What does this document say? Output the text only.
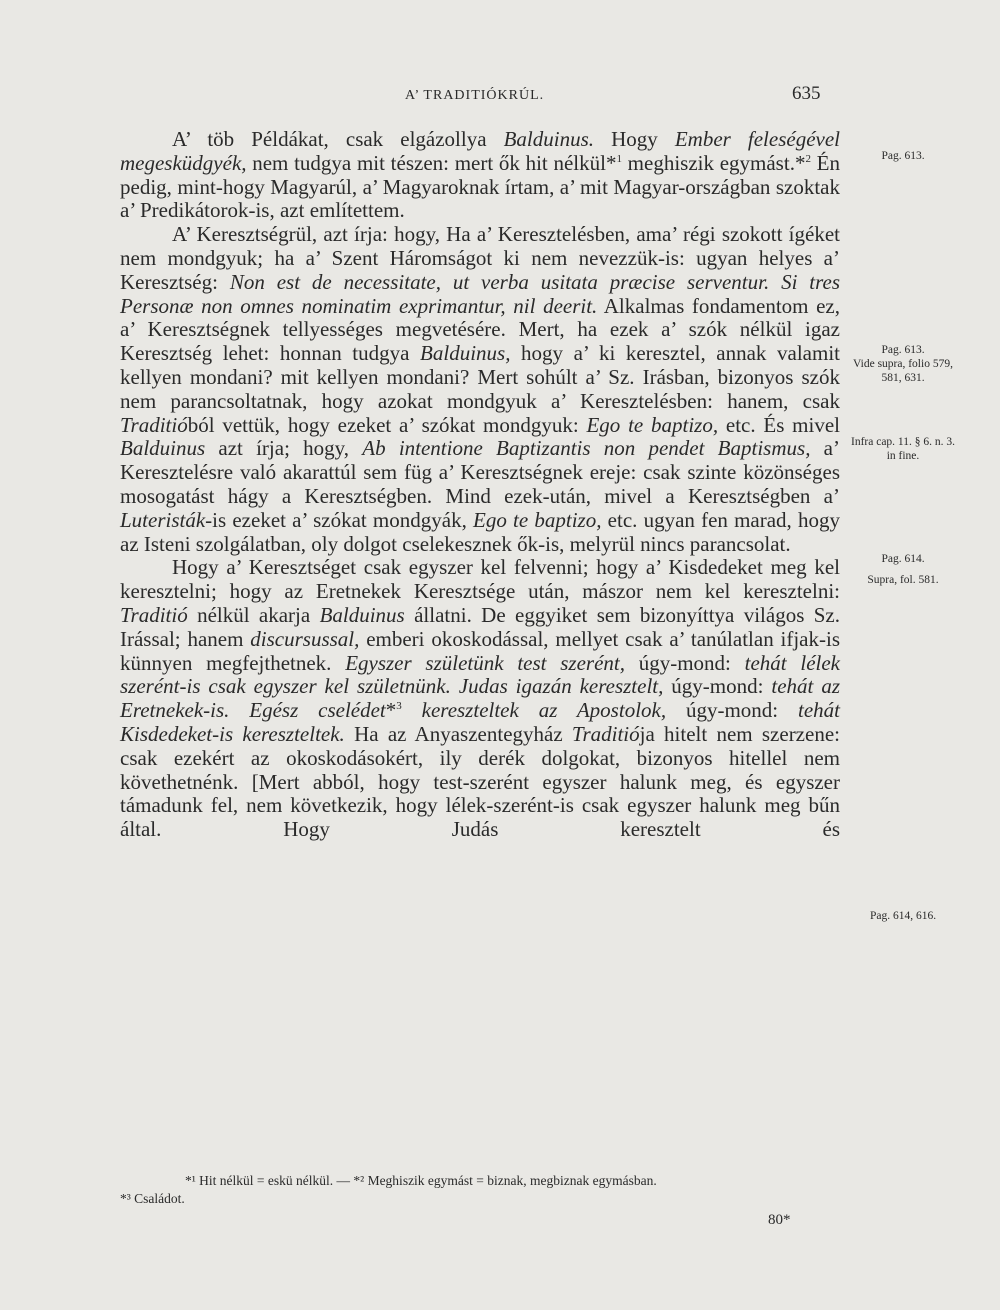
A’ TRADITIÓKRÚL.	635

A’ töb Példákat, csak elgázollya Balduinus. Hogy Ember feleségével megesküdgyék, nem tudgya mit tészen: mert ők hit nélkül*$^1$ meghiszik egymást.*$^2$ Én pedig, mint-hogy Magyarúl, a’ Magyaroknak írtam, a’ mit Magyar-országban szoktak a’ Predikátorok-is, azt említettem.

A’ Keresztségrül, azt írja: hogy, Ha a’ Keresztelésben, ama’ régi szokott ígéket nem mondgyuk; ha a’ Szent Háromságot ki nem nevezzük-is: ugyan helyes a’ Keresztség: Non est de necessitate, ut verba usitata præcise serventur. Si tres Personæ non omnes nominatim exprimantur, nil deerit. Alkalmas fondamentom ez, a’ Keresztségnek tellyességes megvetésére. Mert, ha ezek a’ szók nélkül igaz Keresztség lehet: honnan tudgya Balduinus, hogy a’ ki keresztel, annak valamit kellyen mondani? mit kellyen mondani? Mert sohúlt a’ Sz. Irásban, bizonyos szók nem parancsoltatnak, hogy azokat mondgyuk a’ Keresztelésben: hanem, csak Traditióból vettük, hogy ezeket a’ szókat mondgyuk: Ego te baptizo, etc. És mivel Balduinus azt írja; hogy, Ab intentione Baptizantis non pendet Baptismus, a’ Keresztelésre való akarattúl sem füg a’ Keresztségnek ereje: csak szinte közönséges mosogatást hágy a Keresztségben. Mind ezek-után, mivel a Keresztségben a’ Luteristák-is ezeket a’ szókat mondgyák, Ego te baptizo, etc. ugyan fen marad, hogy az Isteni szolgálatban, oly dolgot cselekesznek ők-is, melyrül nincs parancsolat.

Hogy a’ Keresztséget csak egyszer kel felvenni; hogy a’ Kisdedeket meg kel keresztelni; hogy az Eretnekek Keresztsége után, mászor nem kel keresztelni: Traditió nélkül akarja Balduinus állatni. De eggyiket sem bizonyíttya világos Sz. Irással; hanem discursussal, emberi okoskodással, mellyet csak a’ tanúlatlan ifjak-is künnyen megfejthetnek. Egyszer születünk test szerént, úgy-mond: tehát lélek szerént-is csak egyszer kel születnünk. Judas igazán keresztelt, úgy-mond: tehát az Eretnekek-is. Egész cselédet*$^3$ kereszteltek az Apostolok, úgy-mond: tehát Kisdedeket-is kereszteltek. Ha az Anyaszentegyház Traditiója hitelt nem szerzene: csak ezekért az okoskodásokért, ily derék dolgokat, bizonyos hitellel nem követhetnénk. [Mert abból, hogy test-szerént egyszer halunk meg, és egyszer támadunk fel, nem következik, hogy lélek-szerént-is csak egyszer halunk meg bűn által. Hogy Judás keresztelt és

Pag. 613.
Pag. 613.
Vide supra, folio 579, 581, 631.
Infra cap. 11. § 6. n. 3. in fine.
Pag. 614.
Supra, fol. 581.
Pag. 614, 616.

*¹ Hit nélkül = eskü nélkül. — *² Meghiszik egymást = biznak, megbiznak egymásban.

*³ Családot.

80*
